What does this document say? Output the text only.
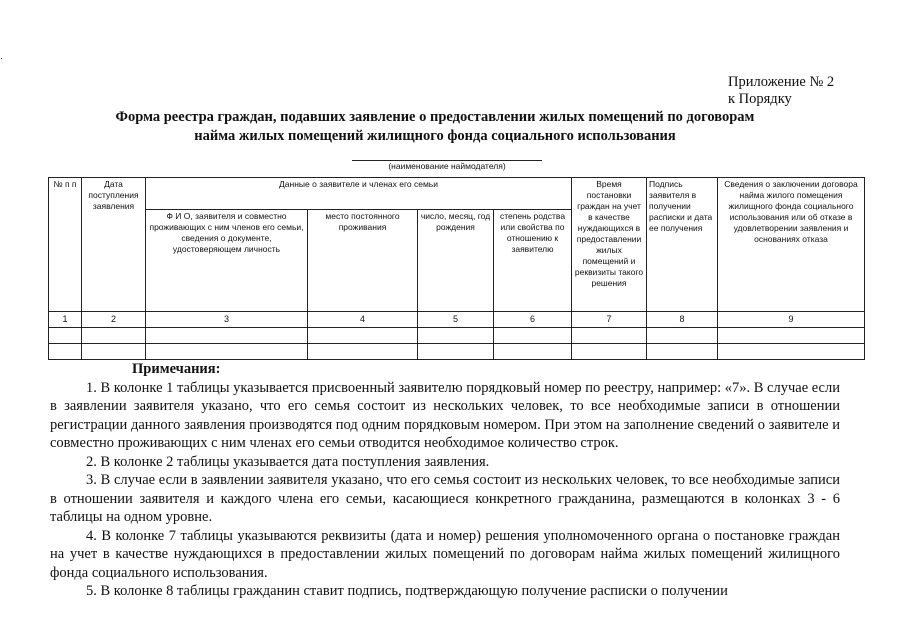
·
Приложение № 2
к Порядку
Форма реестра граждан, подавших заявление о предоставлении жилых помещений по договорам
найма жилых помещений жилищного фонда социального использования
(наименование наймодателя)
№ п п	Дата поступления заявления	Данные о заявителе и членах его семьи				Время постановки граждан на учет в качестве нуждающихся в предоставлении жилых помещений и реквизиты такого решения	Подпись заявителя в получении расписки и дата ее получения	Сведения о заключении договора найма жилого помещения жилищного фонда социального использования или об отказе в удовлетворении заявления и основаниях отказа
		Ф И О, заявителя и совместно проживающих с ним членов его семьи, сведения о документе, удостоверяющем личность	место постоянного проживания	число, месяц, год рождения	степень родства или свойства по отношению к заявителю			
1	2	3	4	5	6	7	8	9

Примечания:

1. В колонке 1 таблицы указывается присвоенный заявителю порядковый номер по реестру, например: «7». В случае если в заявлении заявителя указано, что его семья состоит из нескольких человек, то все необходимые записи в отношении регистрации данного заявления производятся под одним порядковым номером. При этом на заполнение сведений о заявителе и совместно проживающих с ним членах его семьи отводится необходимое количество строк.

2. В колонке 2 таблицы указывается дата поступления заявления.

3. В случае если в заявлении заявителя указано, что его семья состоит из нескольких человек, то все необходимые записи в отношении заявителя и каждого члена его семьи, касающиеся конкретного гражданина, размещаются в колонках 3 - 6 таблицы на одном уровне.

4. В колонке 7 таблицы указываются реквизиты (дата и номер) решения уполномоченного органа о постановке граждан на учет в качестве нуждающихся в предоставлении жилых помещений по договорам найма жилых помещений жилищного фонда социального использования.

5. В колонке 8 таблицы гражданин ставит подпись, подтверждающую получение расписки о получении
